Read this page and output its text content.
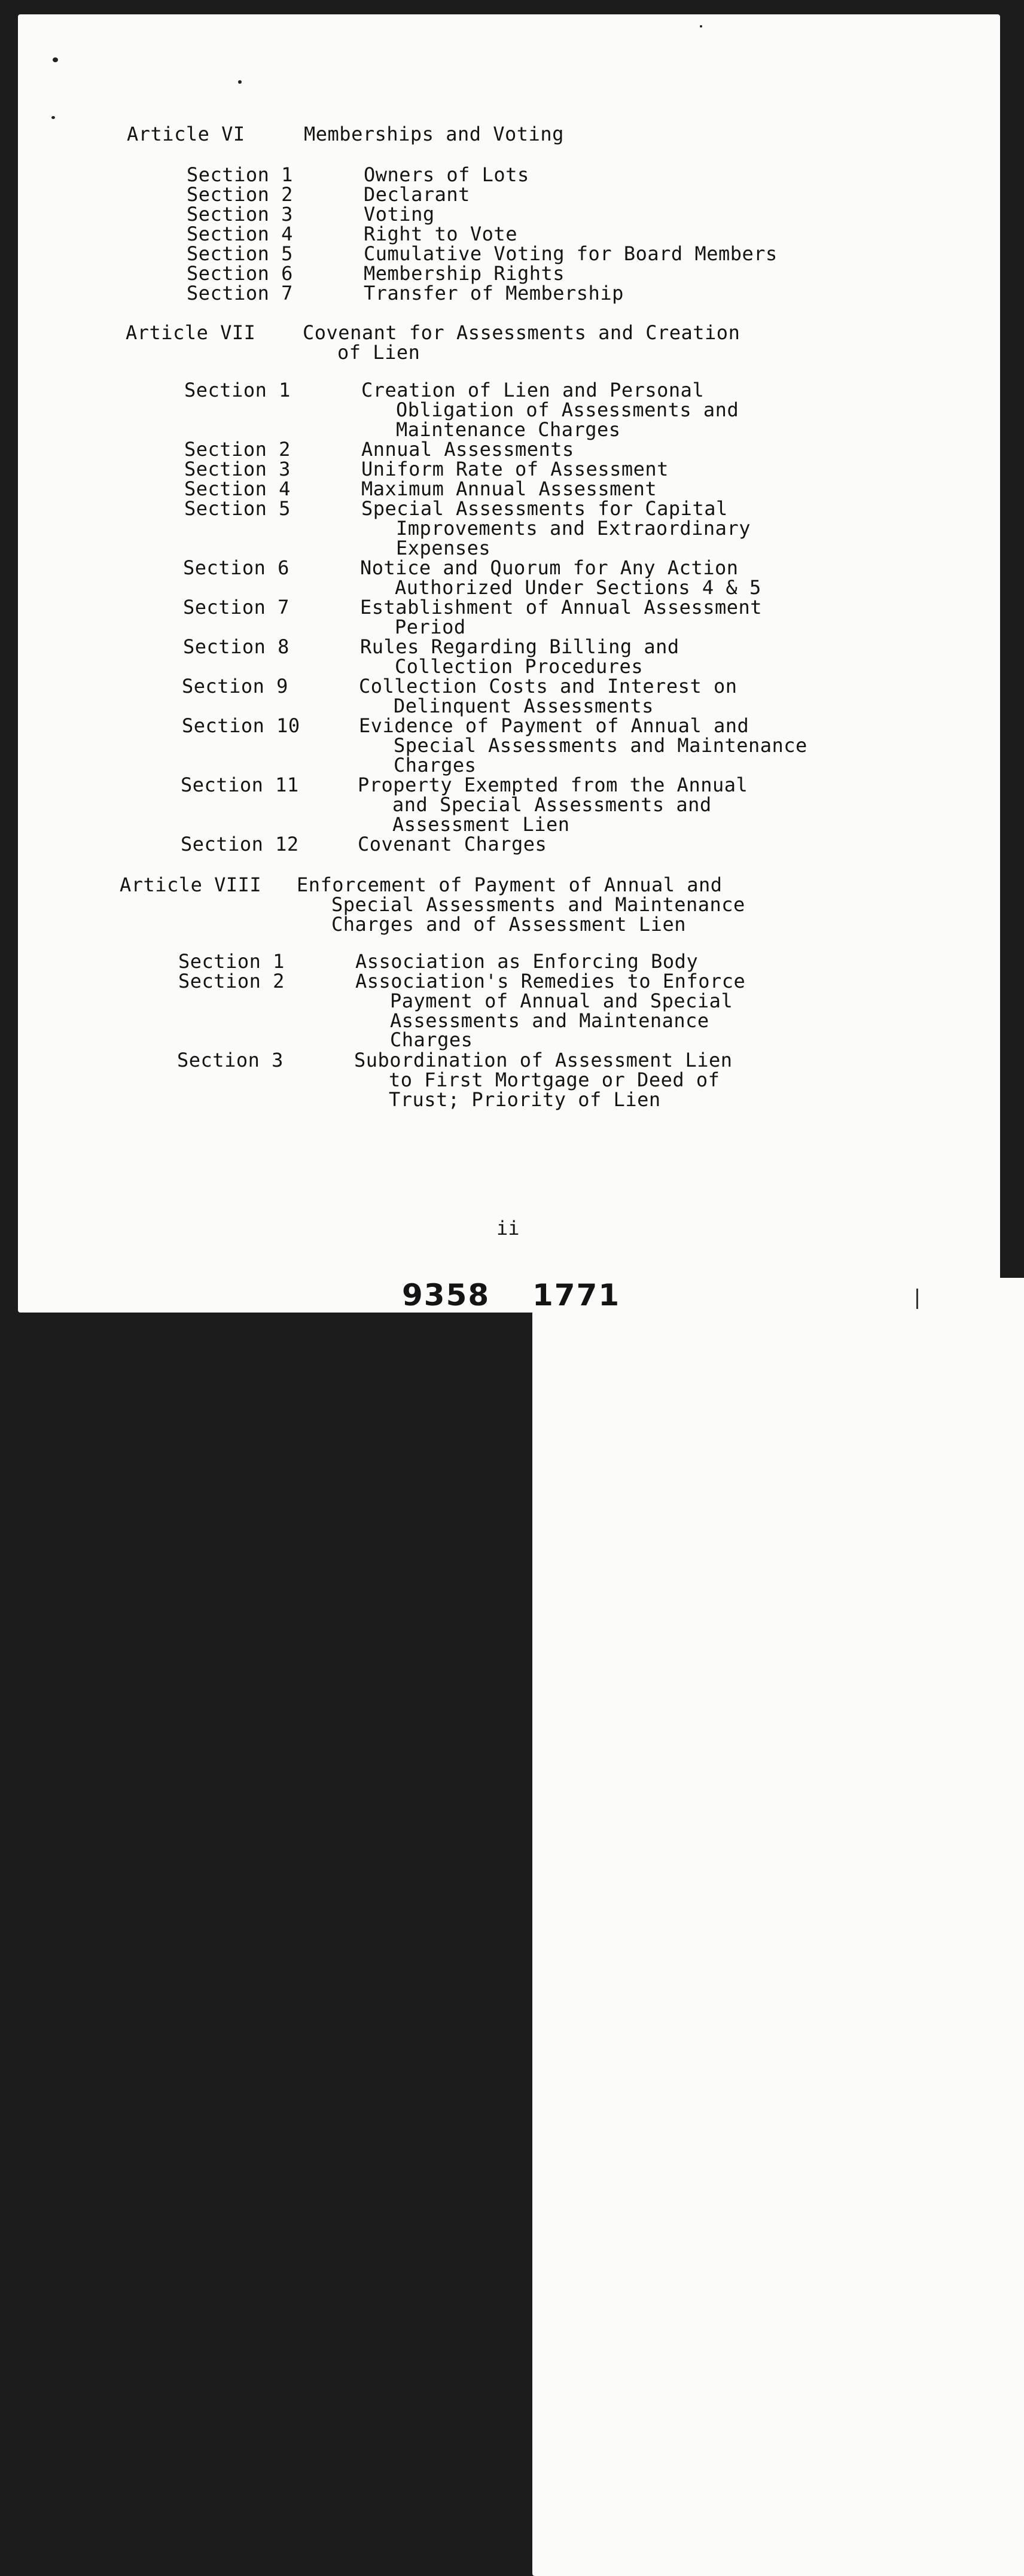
Article VI	Memberships and Voting
Section 1	Owners of Lots
Section 2	Declarant
Section 3	Voting
Section 4	Right to Vote
Section 5	Cumulative Voting for Board Members
Section 6	Membership Rights
Section 7	Transfer of Membership
Article VII	Covenant for Assessments and Creation
of Lien
Section 1	Creation of Lien and Personal
Obligation of Assessments and
Maintenance Charges
Section 2	Annual Assessments
Section 3	Uniform Rate of Assessment
Section 4	Maximum Annual Assessment
Section 5	Special Assessments for Capital
Improvements and Extraordinary
Expenses
Section 6	Notice and Quorum for Any Action
Authorized Under Sections 4 & 5
Section 7	Establishment of Annual Assessment
Period
Section 8	Rules Regarding Billing and
Collection Procedures
Section 9	Collection Costs and Interest on
Delinquent Assessments
Section 10	Evidence of Payment of Annual and
Special Assessments and Maintenance
Charges
Section 11	Property Exempted from the Annual
and Special Assessments and
Assessment Lien
Section 12	Covenant Charges
Article VIII	Enforcement of Payment of Annual and
Special Assessments and Maintenance
Charges and of Assessment Lien
Section 1	Association as Enforcing Body
Section 2	Association's Remedies to Enforce
Payment of Annual and Special
Assessments and Maintenance
Charges
Section 3	Subordination of Assessment Lien
to First Mortgage or Deed of
Trust; Priority of Lien
ii
9358 1771
